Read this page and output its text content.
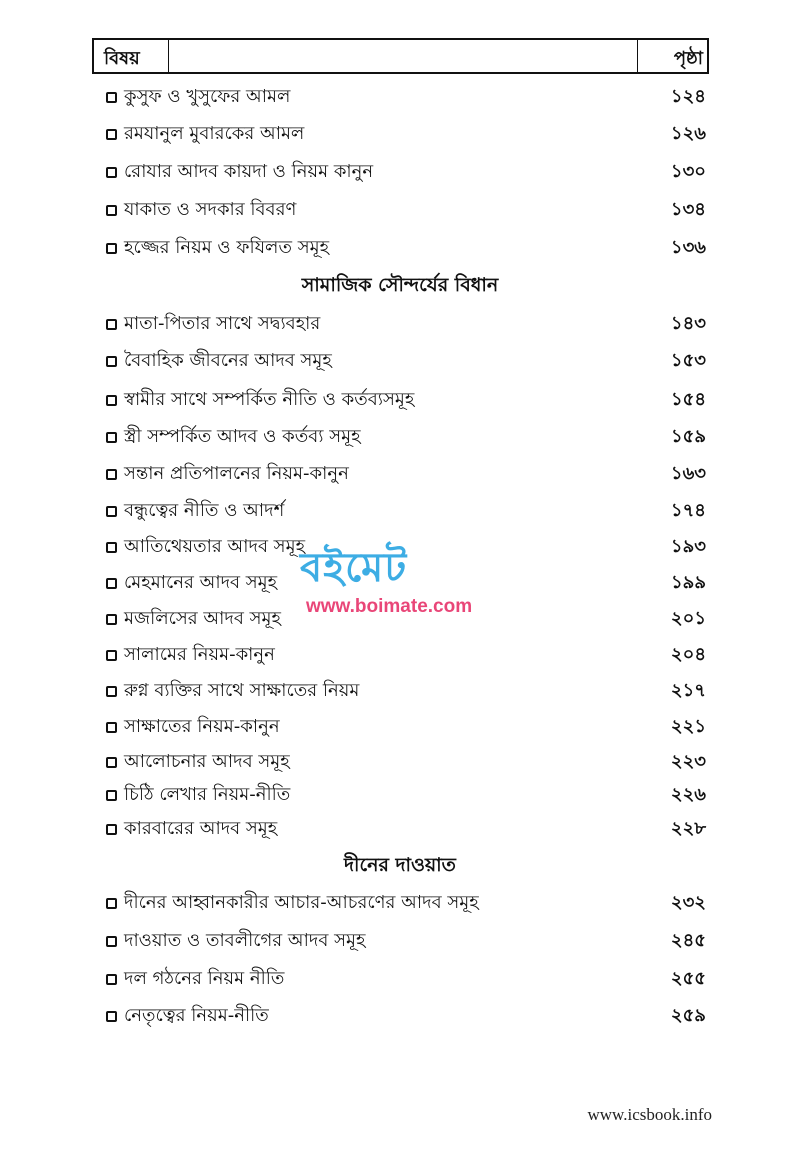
বিষয়	পৃষ্ঠা
কুসুফ ও খুসুফের আমল	১২৪
রমযানুল মুবারকের আমল	১২৬
রোযার আদব কায়দা ও নিয়ম কানুন	১৩০
যাকাত ও সদকার বিবরণ	১৩৪
হজ্জের নিয়ম ও ফযিলত সমূহ	১৩৬
সামাজিক সৌন্দর্যের বিধান
মাতা-পিতার সাথে সদ্ব্যবহার	১৪৩
বৈবাহিক জীবনের আদব সমূহ	১৫৩
স্বামীর সাথে সম্পর্কিত নীতি ও কর্তব্যসমূহ	১৫৪
স্ত্রী সম্পর্কিত আদব ও কর্তব্য সমূহ	১৫৯
সন্তান প্রতিপালনের নিয়ম-কানুন	১৬৩
বন্ধুত্বের নীতি ও আদর্শ	১৭৪
আতিথেয়তার আদব সমূহ	১৯৩
মেহমানের আদব সমূহ	১৯৯
মজলিসের আদব সমূহ	২০১
সালামের নিয়ম-কানুন	২০৪
রুগ্ন ব্যক্তির সাথে সাক্ষাতের নিয়ম	২১৭
সাক্ষাতের নিয়ম-কানুন	২২১
আলোচনার আদব সমূহ	২২৩
চিঠি লেখার নিয়ম-নীতি	২২৬
কারবারের আদব সমূহ	২২৮
দীনের দাওয়াত
দীনের আহ্বানকারীর আচার-আচরণের আদব সমূহ	২৩২
দাওয়াত ও তাবলীগের আদব সমূহ	২৪৫
দল গঠনের নিয়ম নীতি	২৫৫
নেতৃত্বের নিয়ম-নীতি	২৫৯
বইমেট
www.boimate.com
www.icsbook.info
